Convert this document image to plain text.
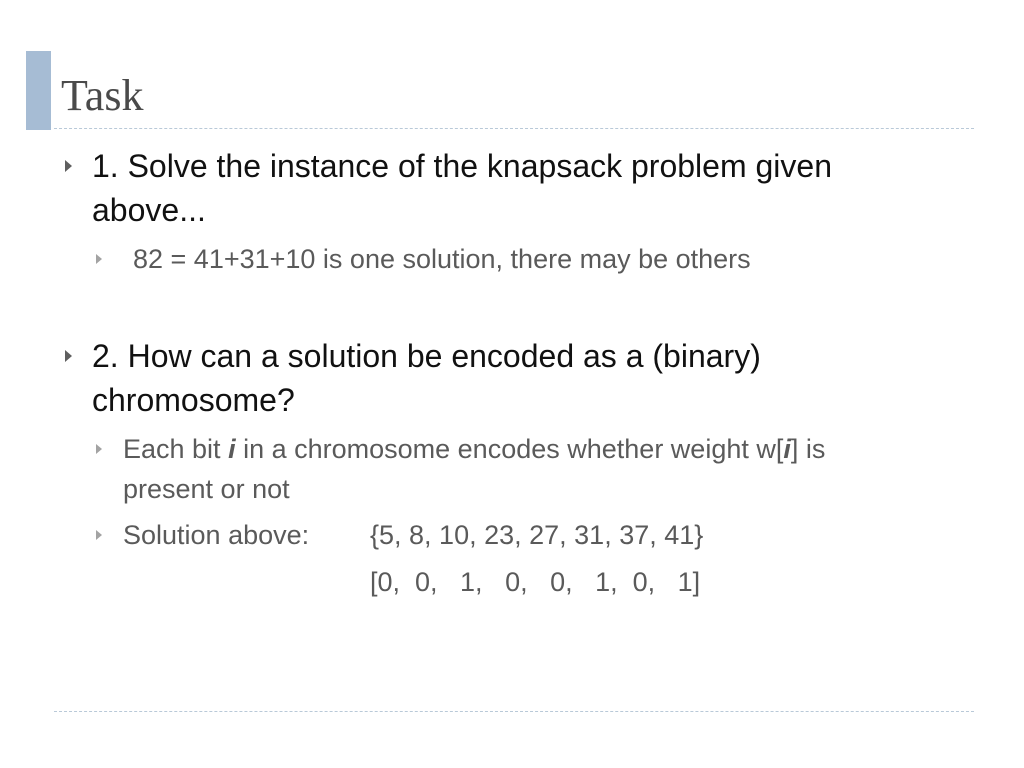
Task

1. Solve the instance of the knapsack problem given

above...

82 = 41+31+10 is one solution, there may be others

2. How can a solution be encoded as a (binary)

chromosome?

Each bit i in a chromosome encodes whether weight w[i] is

present or not

Solution above:	{5, 8, 10, 23, 27, 31, 37, 41}
[0,  0,   1,   0,   0,   1,  0,   1]
